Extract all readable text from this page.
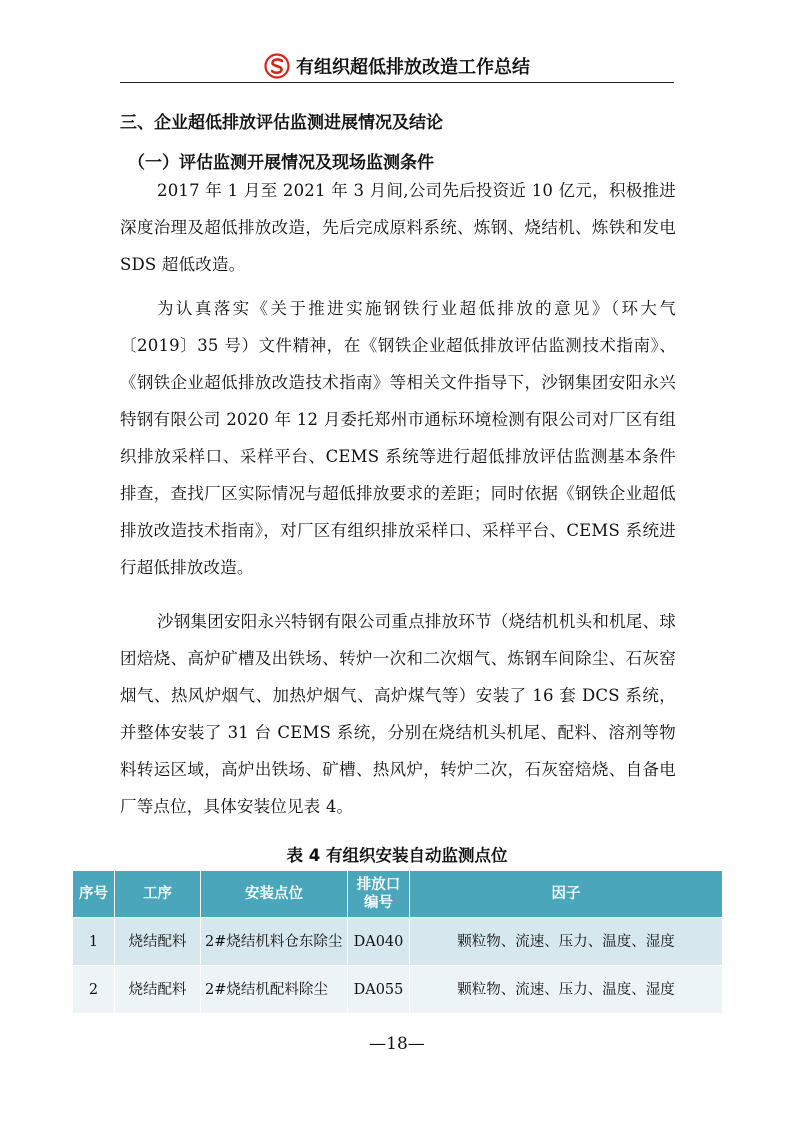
有组织超低排放改造工作总结
三、企业超低排放评估监测进展情况及结论
（一）评估监测开展情况及现场监测条件

2017 年 1 月至 2021 年 3 月间,公司先后投资近 10 亿元，积极推进深度治理及超低排放改造，先后完成原料系统、炼钢、烧结机、炼铁和发电 SDS 超低改造。

为认真落实《关于推进实施钢铁行业超低排放的意见》（环大气〔2019〕35 号）文件精神，在《钢铁企业超低排放评估监测技术指南》、《钢铁企业超低排放改造技术指南》等相关文件指导下，沙钢集团安阳永兴特钢有限公司 2020 年 12 月委托郑州市通标环境检测有限公司对厂区有组织排放采样口、采样平台、CEMS 系统等进行超低排放评估监测基本条件排查，查找厂区实际情况与超低排放要求的差距；同时依据《钢铁企业超低排放改造技术指南》，对厂区有组织排放采样口、采样平台、CEMS 系统进行超低排放改造。

沙钢集团安阳永兴特钢有限公司重点排放环节（烧结机机头和机尾、球团焙烧、高炉矿槽及出铁场、转炉一次和二次烟气、炼钢车间除尘、石灰窑烟气、热风炉烟气、加热炉烟气、高炉煤气等）安装了 16 套 DCS 系统，并整体安装了 31 台 CEMS 系统，分别在烧结机头机尾、配料、溶剂等物料转运区域，高炉出铁场、矿槽、热风炉，转炉二次，石灰窑焙烧、自备电厂等点位，具体安装位见表 4。

表 4 有组织安装自动监测点位
序号	工序	安装点位	排放口编号	因子
1	烧结配料	2#烧结机料仓东除尘	DA040	颗粒物、流速、压力、温度、湿度
2	烧结配料	2#烧结机配料除尘	DA055	颗粒物、流速、压力、温度、湿度
—18—
